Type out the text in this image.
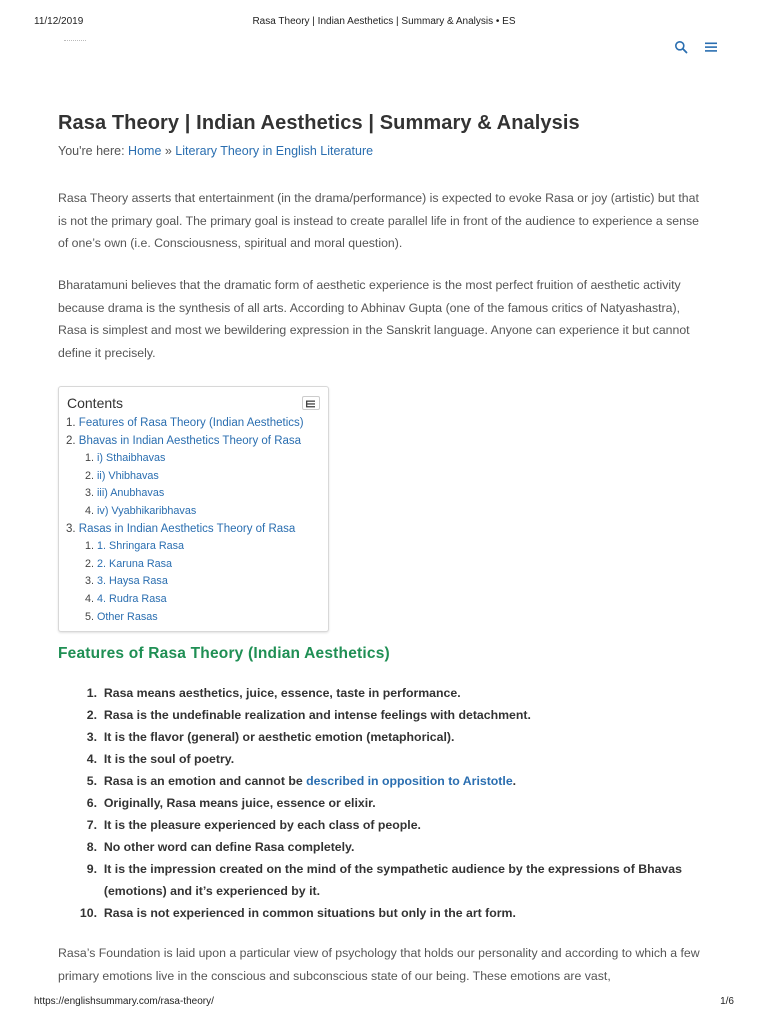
11/12/2019	Rasa Theory | Indian Aesthetics | Summary & Analysis • ES
Rasa Theory | Indian Aesthetics | Summary & Analysis
You're here: Home » Literary Theory in English Literature

Rasa Theory asserts that entertainment (in the drama/performance) is expected to evoke Rasa or joy (artistic) but that is not the primary goal. The primary goal is instead to create parallel life in front of the audience to experience a sense of one’s own (i.e. Consciousness, spiritual and moral question).

Bharatamuni believes that the dramatic form of aesthetic experience is the most perfect fruition of aesthetic activity because drama is the synthesis of all arts. According to Abhinav Gupta (one of the famous critics of Natyashastra), Rasa is simplest and most we bewildering expression in the Sanskrit language. Anyone can experience it but cannot define it precisely.

Contents
1. Features of Rasa Theory (Indian Aesthetics)
2. Bhavas in Indian Aesthetics Theory of Rasa
1. i) Sthaibhavas
2. ii) Vhibhavas
3. iii) Anubhavas
4. iv) Vyabhikaribhavas
3. Rasas in Indian Aesthetics Theory of Rasa
1. 1. Shringara Rasa
2. 2. Karuna Rasa
3. 3. Haysa Rasa
4. 4. Rudra Rasa
5. Other Rasas
Features of Rasa Theory (Indian Aesthetics)
1.
Rasa means aesthetics, juice, essence, taste in performance.
2.
Rasa is the undefinable realization and intense feelings with detachment.
3.
It is the flavor (general) or aesthetic emotion (metaphorical).
4.
It is the soul of poetry.
5.
Rasa is an emotion and cannot be described in opposition to Aristotle.
6.
Originally, Rasa means juice, essence or elixir.
7.
It is the pleasure experienced by each class of people.
8.
No other word can define Rasa completely.
9.
It is the impression created on the mind of the sympathetic audience by the expressions of Bhavas (emotions) and it’s experienced by it.
10.
Rasa is not experienced in common situations but only in the art form.

Rasa’s Foundation is laid upon a particular view of psychology that holds our personality and according to which a few primary emotions live in the conscious and subconscious state of our being. These emotions are vast,

https://englishsummary.com/rasa-theory/	1/6
